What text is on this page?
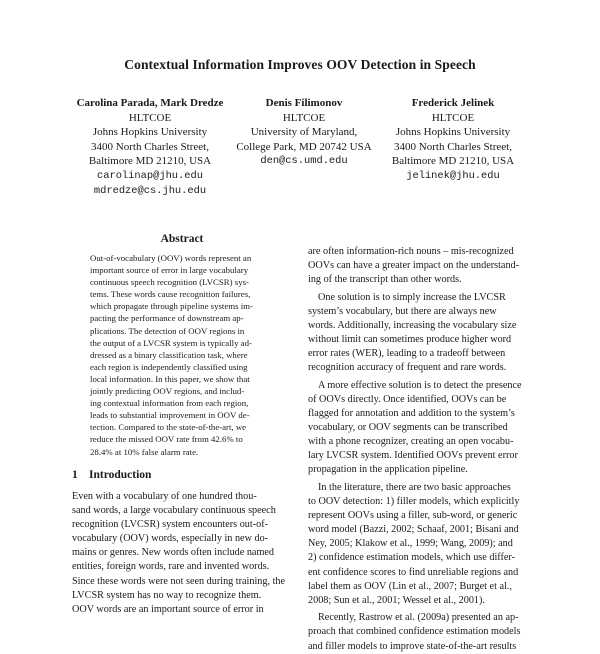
Contextual Information Improves OOV Detection in Speech
Carolina Parada, Mark Dredze
HLTCOE
Johns Hopkins University
3400 North Charles Street,
Baltimore MD 21210, USA
carolinap@jhu.edu
mdredze@cs.jhu.edu
Denis Filimonov
HLTCOE
University of Maryland,
College Park, MD 20742 USA
den@cs.umd.edu
Frederick Jelinek
HLTCOE
Johns Hopkins University
3400 North Charles Street,
Baltimore MD 21210, USA
jelinek@jhu.edu
Abstract
Out-of-vocabulary (OOV) words represent an
important source of error in large vocabulary
continuous speech recognition (LVCSR) sys-
tems. These words cause recognition failures,
which propagate through pipeline systems im-
pacting the performance of downstream ap-
plications. The detection of OOV regions in
the output of a LVCSR system is typically ad-
dressed as a binary classification task, where
each region is independently classified using
local information. In this paper, we show that
jointly predicting OOV regions, and includ-
ing contextual information from each region,
leads to substantial improvement in OOV de-
tection. Compared to the state-of-the-art, we
reduce the missed OOV rate from 42.6% to
28.4% at 10% false alarm rate.
1 Introduction
Even with a vocabulary of one hundred thou-
sand words, a large vocabulary continuous speech
recognition (LVCSR) system encounters out-of-
vocabulary (OOV) words, especially in new do-
mains or genres. New words often include named
entities, foreign words, rare and invented words.
Since these words were not seen during training, the
LVCSR system has no way to recognize them.
OOV words are an important source of error in
are often information-rich nouns – mis-recognized
OOVs can have a greater impact on the understand-
ing of the transcript than other words.
One solution is to simply increase the LVCSR
system’s vocabulary, but there are always new
words. Additionally, increasing the vocabulary size
without limit can sometimes produce higher word
error rates (WER), leading to a tradeoff between
recognition accuracy of frequent and rare words.
A more effective solution is to detect the presence
of OOVs directly. Once identified, OOVs can be
flagged for annotation and addition to the system’s
vocabulary, or OOV segments can be transcribed
with a phone recognizer, creating an open vocabu-
lary LVCSR system. Identified OOVs prevent error
propagation in the application pipeline.
In the literature, there are two basic approaches
to OOV detection: 1) filler models, which explicitly
represent OOVs using a filler, sub-word, or generic
word model (Bazzi, 2002; Schaaf, 2001; Bisani and
Ney, 2005; Klakow et al., 1999; Wang, 2009); and
2) confidence estimation models, which use differ-
ent confidence scores to find unreliable regions and
label them as OOV (Lin et al., 2007; Burget et al.,
2008; Sun et al., 2001; Wessel et al., 2001).
Recently, Rastrow et al. (2009a) presented an ap-
proach that combined confidence estimation models
and filler models to improve state-of-the-art results
